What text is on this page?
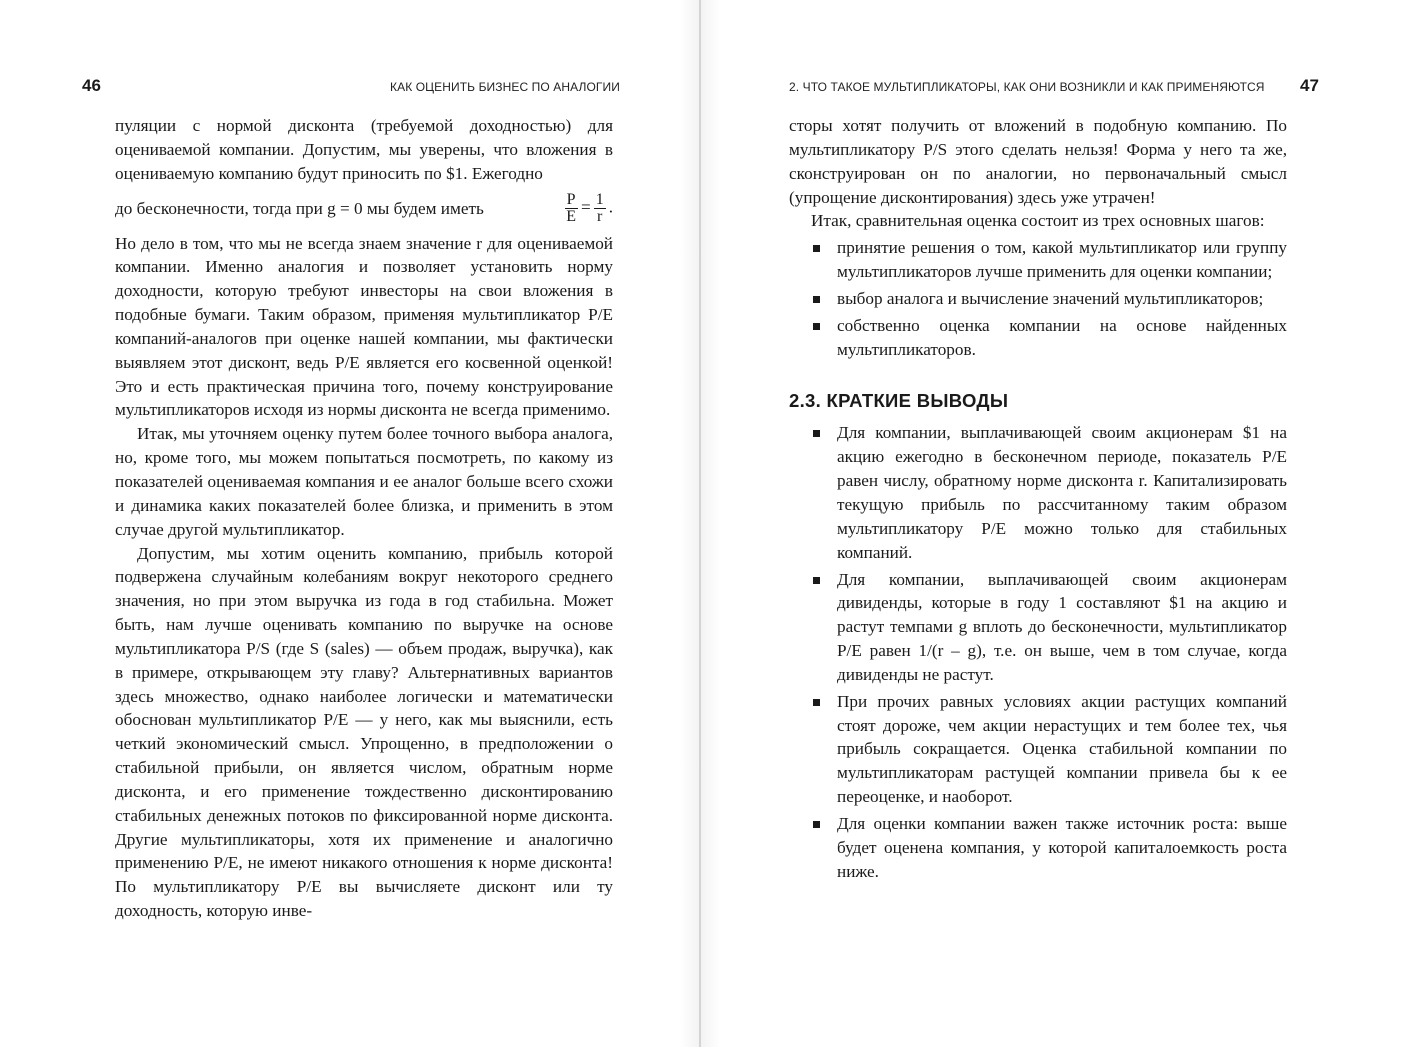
46	КАК ОЦЕНИТЬ БИЗНЕС ПО АНАЛОГИИ

пуляции с нормой дисконта (требуемой доходностью) для оцениваемой компании. Допустим, мы уверены, что вложения в оцениваемую компанию будут приносить по $1. Ежегодно

до бесконечности, тогда при g = 0 мы будем иметь	$\frac{P}{E} = \frac{1}{r}$ .

Но дело в том, что мы не всегда знаем значение r для оцениваемой компании. Именно аналогия и позволяет установить норму доходности, которую требуют инвесторы на свои вложения в подобные бумаги. Таким образом, применяя мультипликатор P/E компаний-аналогов при оценке нашей компании, мы фактически выявляем этот дисконт, ведь P/E является его косвенной оценкой! Это и есть практическая причина того, почему конструирование мультипликаторов исходя из нормы дисконта не всегда применимо.

Итак, мы уточняем оценку путем более точного выбора аналога, но, кроме того, мы можем попытаться посмотреть, по какому из показателей оцениваемая компания и ее аналог больше всего схожи и динамика каких показателей более близка, и применить в этом случае другой мультипликатор.

Допустим, мы хотим оценить компанию, прибыль которой подвержена случайным колебаниям вокруг некоторого среднего значения, но при этом выручка из года в год стабильна. Может быть, нам лучше оценивать компанию по выручке на основе мультипликатора P/S (где S (sales) — объем продаж, выручка), как в примере, открывающем эту главу? Альтернативных вариантов здесь множество, однако наиболее логически и математически обоснован мультипликатор P/E — у него, как мы выяснили, есть четкий экономический смысл. Упрощенно, в предположении о стабильной прибыли, он является числом, обратным норме дисконта, и его применение тождественно дисконтированию стабильных денежных потоков по фиксированной норме дисконта. Другие мультипликаторы, хотя их применение и аналогично применению P/E, не имеют никакого отношения к норме дисконта! По мультипликатору P/E вы вычисляете дисконт или ту доходность, которую инве-

2. ЧТО ТАКОЕ МУЛЬТИПЛИКАТОРЫ, КАК ОНИ ВОЗНИКЛИ И КАК ПРИМЕНЯЮТСЯ 47

сторы хотят получить от вложений в подобную компанию. По мультипликатору P/S этого сделать нельзя! Форма у него та же, сконструирован он по аналогии, но первоначальный смысл (упрощение дисконтирования) здесь уже утрачен!

Итак, сравнительная оценка состоит из трех основных шагов:

принятие решения о том, какой мультипликатор или группу мультипликаторов лучше применить для оценки компании;
выбор аналога и вычисление значений мультипликаторов;
собственно оценка компании на основе найденных мультипликаторов.
2.3. КРАТКИЕ ВЫВОДЫ
Для компании, выплачивающей своим акционерам $1 на акцию ежегодно в бесконечном периоде, показатель P/E равен числу, обратному норме дисконта r. Капитализировать текущую прибыль по рассчитанному таким образом мультипликатору P/E можно только для стабильных компаний.
Для компании, выплачивающей своим акционерам дивиденды, которые в году 1 составляют $1 на акцию и растут темпами g вплоть до бесконечности, мультипликатор P/E равен 1/(r – g), т.е. он выше, чем в том случае, когда дивиденды не растут.
При прочих равных условиях акции растущих компаний стоят дороже, чем акции нерастущих и тем более тех, чья прибыль сокращается. Оценка стабильной компании по мультипликаторам растущей компании привела бы к ее переоценке, и наоборот.
Для оценки компании важен также источник роста: выше будет оценена компания, у которой капиталоемкость роста ниже.
